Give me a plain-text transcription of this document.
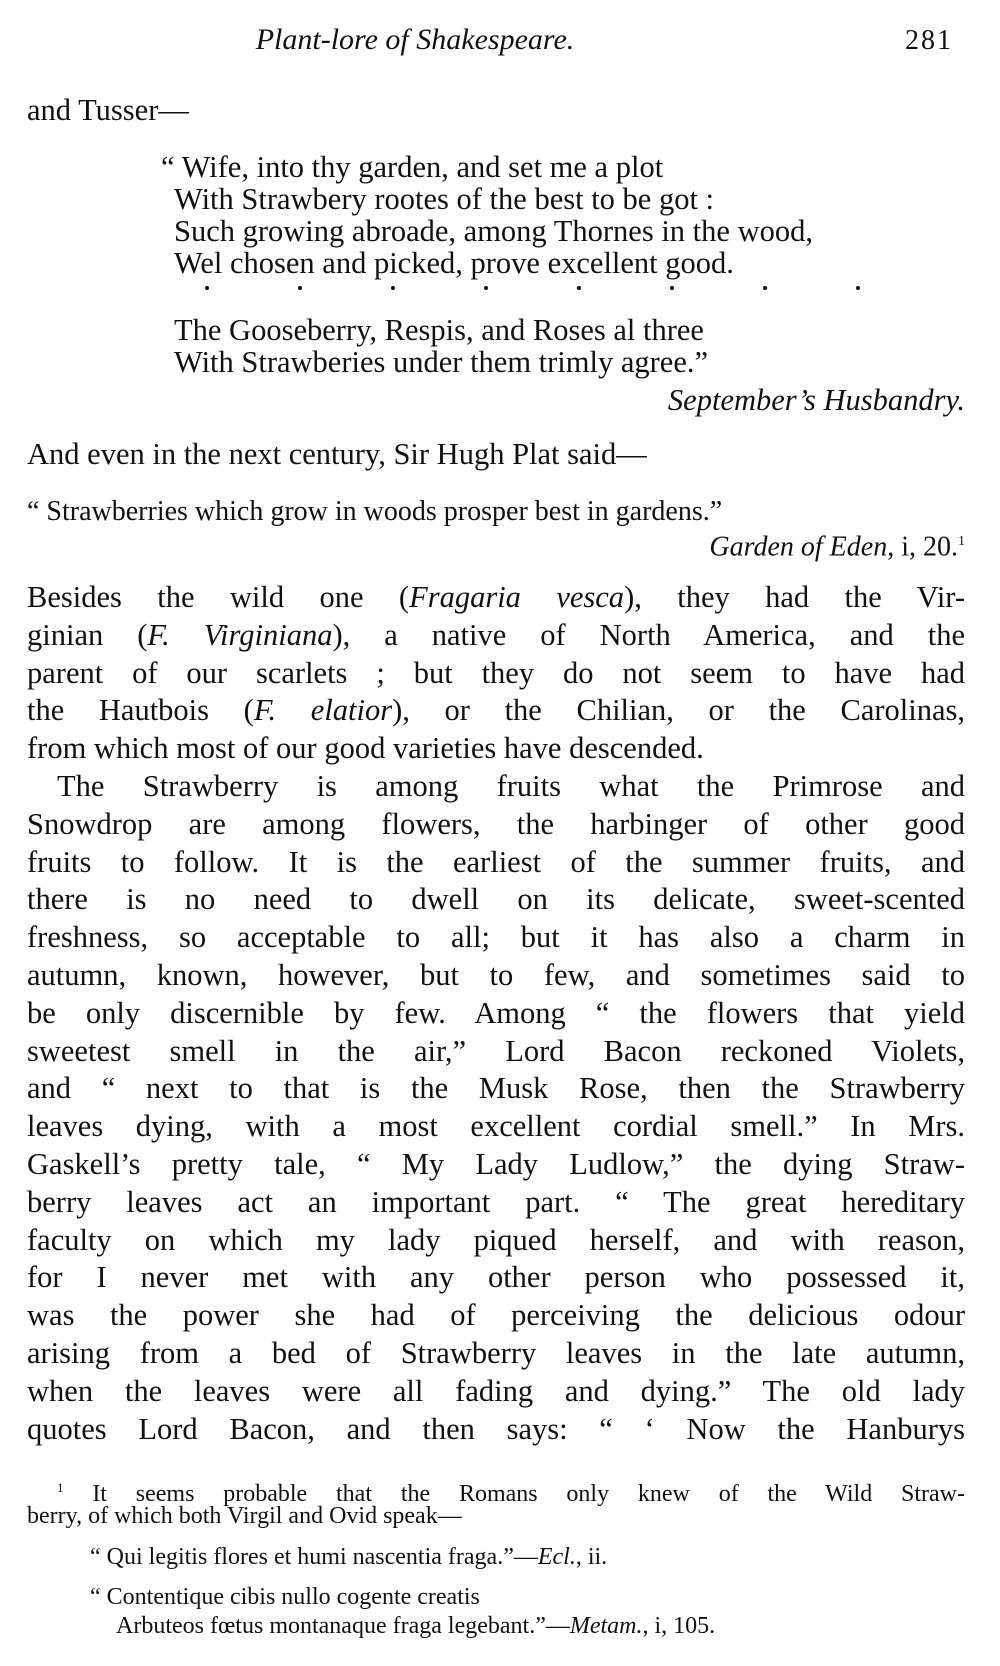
Plant-lore of Shakespeare.	281
and Tusser—
“ Wife, into thy garden, and set me a plot
With Strawbery rootes of the best to be got :
Such growing abroade, among Thornes in the wood,
Wel chosen and picked, prove excellent good.
The Gooseberry, Respis, and Roses al three
With Strawberies under them trimly agree.”
September’s Husbandry.
And even in the next century, Sir Hugh Plat said—
“ Strawberries which grow in woods prosper best in gardens.”
Garden of Eden, i, 20.$^1$
Besides the wild one (Fragaria vesca), they had the Vir-
ginian (F. Virginiana), a native of North America, and the
parent of our scarlets ; but they do not seem to have had
the Hautbois (F. elatior), or the Chilian, or the Carolinas,
from which most of our good varieties have descended.
The Strawberry is among fruits what the Primrose and
Snowdrop are among flowers, the harbinger of other good
fruits to follow. It is the earliest of the summer fruits, and
there is no need to dwell on its delicate, sweet-scented
freshness, so acceptable to all; but it has also a charm in
autumn, known, however, but to few, and sometimes said to
be only discernible by few. Among “ the flowers that yield
sweetest smell in the air,” Lord Bacon reckoned Violets,
and “ next to that is the Musk Rose, then the Strawberry
leaves dying, with a most excellent cordial smell.” In Mrs.
Gaskell’s pretty tale, “ My Lady Ludlow,” the dying Straw-
berry leaves act an important part. “ The great hereditary
faculty on which my lady piqued herself, and with reason,
for I never met with any other person who possessed it,
was the power she had of perceiving the delicious odour
arising from a bed of Strawberry leaves in the late autumn,
when the leaves were all fading and dying.” The old lady
quotes Lord Bacon, and then says: “ ‘ Now the Hanburys
$^1$ It seems probable that the Romans only knew of the Wild Straw-
berry, of which both Virgil and Ovid speak—
“ Qui legitis flores et humi nascentia fraga.”—Ecl., ii.
“ Contentique cibis nullo cogente creatis
Arbuteos fœtus montanaque fraga legebant.”—Metam., i, 105.
